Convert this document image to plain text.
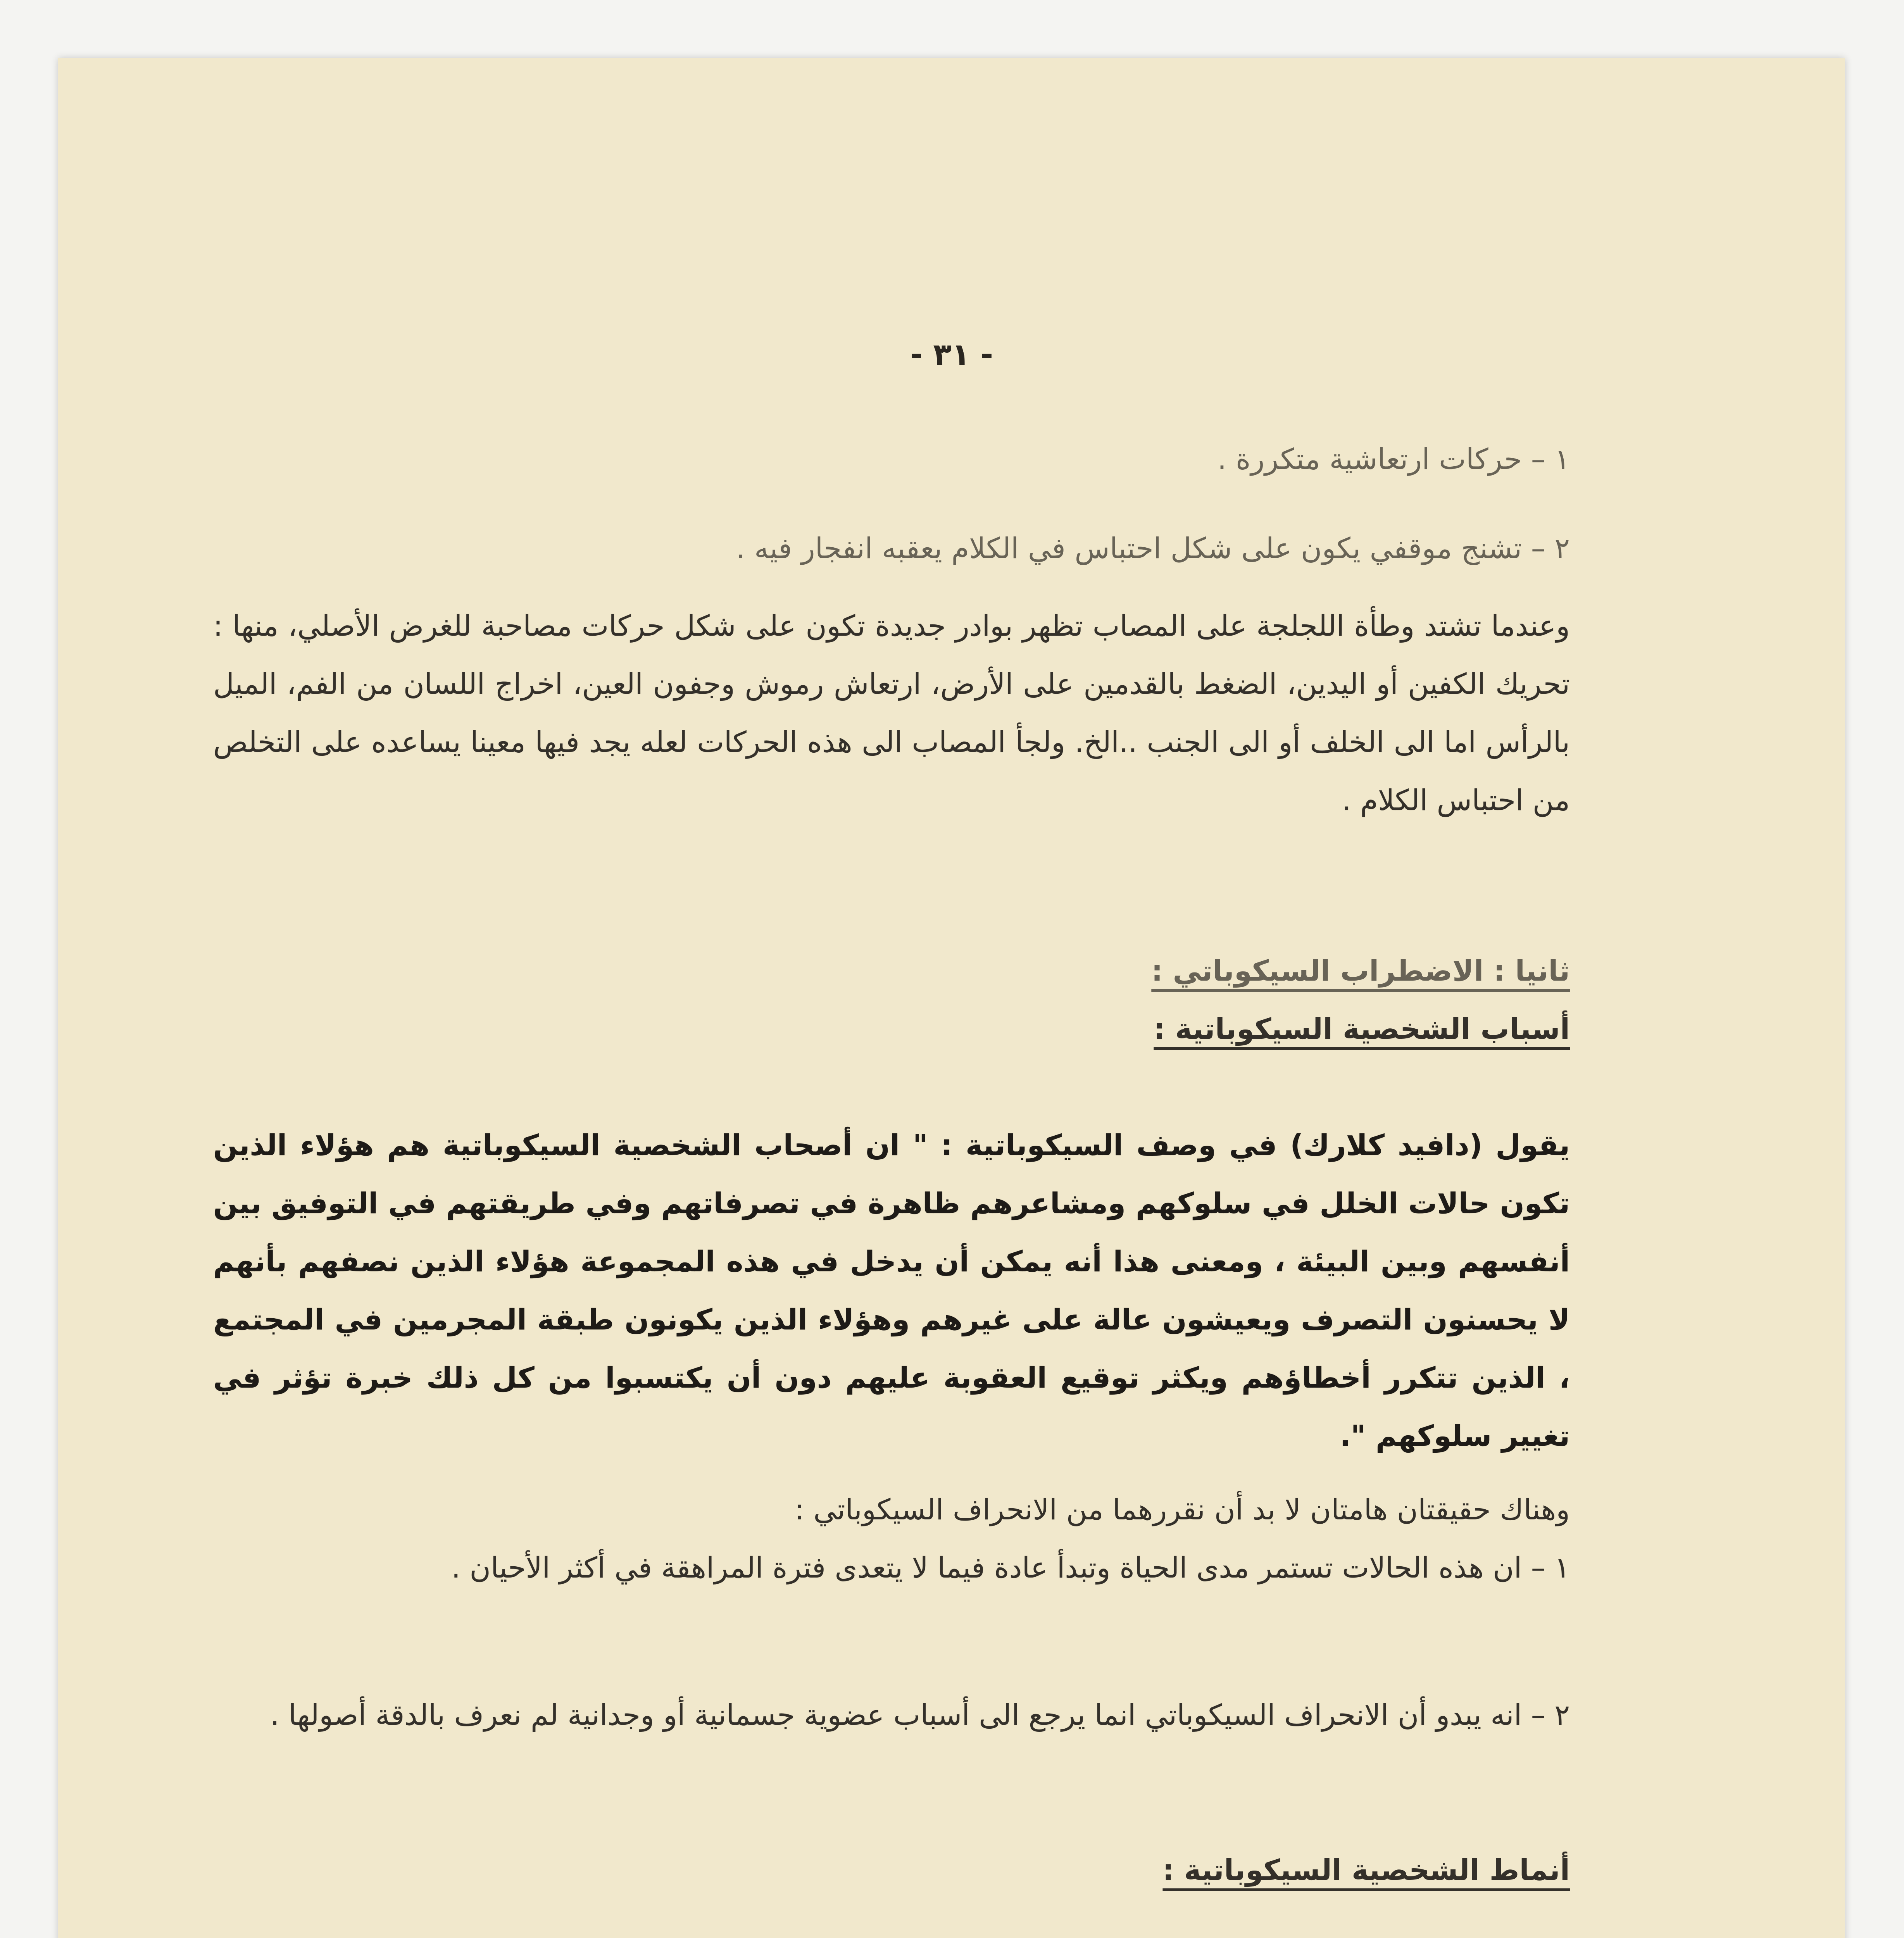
- ٣١ -
١ – حركات ارتعاشية متكررة .
٢ – تشنج موقفي يكون على شكل احتباس في الكلام يعقبه انفجار فيه .
وعندما تشتد وطأة اللجلجة على المصاب تظهر بوادر جديدة تكون على شكل حركات مصاحبة للغرض الأصلي، منها : تحريك الكفين أو اليدين، الضغط بالقدمين على الأرض، ارتعاش رموش وجفون العين، اخراج اللسان من الفم، الميل بالرأس اما الى الخلف أو الى الجنب ..الخ. ولجأ المصاب الى هذه الحركات لعله يجد فيها معينا يساعده على التخلص من احتباس الكلام .
ثانيا : الاضطراب السيكوباتي :
أسباب الشخصية السيكوباتية :
يقول (دافيد كلارك) في وصف السيكوباتية : " ان أصحاب الشخصية السيكوباتية هم هؤلاء الذين تكون حالات الخلل في سلوكهم ومشاعرهم ظاهرة في تصرفاتهم وفي طريقتهم في التوفيق بين أنفسهم وبين البيئة ، ومعنى هذا أنه يمكن أن يدخل في هذه المجموعة هؤلاء الذين نصفهم بأنهم لا يحسنون التصرف ويعيشون عالة على غيرهم وهؤلاء الذين يكونون طبقة المجرمين في المجتمع ، الذين تتكرر أخطاؤهم ويكثر توقيع العقوبة عليهم دون أن يكتسبوا من كل ذلك خبرة تؤثر في تغيير سلوكهم ".
وهناك حقيقتان هامتان لا بد أن نقررهما من الانحراف السيكوباتي :
١ – ان هذه الحالات تستمر مدى الحياة وتبدأ عادة فيما لا يتعدى فترة المراهقة في أكثر الأحيان .
٢ – انه يبدو أن الانحراف السيكوباتي انما يرجع الى أسباب عضوية جسمانية أو وجدانية لم نعرف بالدقة أصولها .
أنماط الشخصية السيكوباتية :
